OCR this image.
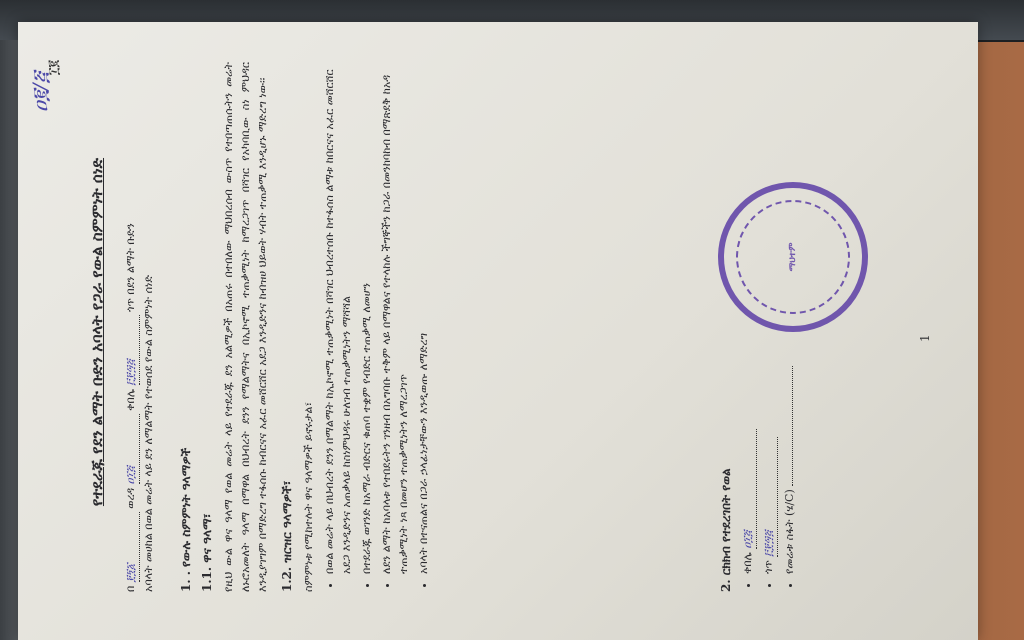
ዐ፪/፭
፲፪
የተደራጁ የደን ልማት ቡድን አባላት የጋራ የውል ስምምነት ሰነድ
በ ፻፺፩ ወረዳ ዐ፲፭ ቀበሌ ፫፻፵፭ ጎጥ በደን ልማት ቡድን
አባላት መሀከል በወል መሬት ላይ ደን ለማልማት የተወሰደ የውል ስምምነት ሰነድ 1. . የውሉ ስምምነት ዓላማዎች 1.1. ዋና ዓላማ፣ የዚህ ውል ዋና ዓላማ የወል መሬት ላይ የተደራጁ ደን አልሚዎች በአጠሩ በተበለው ማህበረሰብ ውስጥ የተበጣጠሱትን መሬት ለኑሮአመለት ዓላማ በማዋል በህብረት ደንን የማልማትና በኢኮኖሚ ተጠቃሚነት ከማረጋገጥ በሻገር የአካባቢው ስነ ምህዳር እንዲያገግም በማድረግ ተፋሰሱ ከብርናና አፈር መሸርሸር አደጋ እንዲድንና ከብዝሀ ህይወት ሃብት ተጠቃሚ እንዲሆኑ ማድረግ ነው፡፡ 1.2. ዝርዝር ዓላማዎች፣ ስምምነቱ የሚከተሉት ዋና ዓላማዎች ይኖሩታል፣ • በወል መሬት ላይ በህብረት ደንን በማልማት ከኢኮኖሚ ተጠቃሚነት በሻገር ህብረተሰቡ ከተፋሰስ ልማቱ ከበርናና አፈር መሸርሸር አደጋ እንዲድንና አጠቃላይ ከስነምህዳሩ ሁለገብ ተጠቃሚነትን ማሻሻል • በተደራጁ ወገንድ ከአማራ ብድርና ቁጠባ ተቋም የብድር ተጠቃሚ ለመሆን • ለደን ልማት ከአባላቱ የተበደሩትን ገንዘብ በአግባቡ ተቅም ላይ በማዋልና የተላከሉ ችግኞችን ከጋራ በመንከባከብ በማጽደቅ ከአዳ ተጠቃሚነት ነጻ በመሆን ተጠቃሚነትን ለማረጋገጥ • አባላት በተናጠልና በጋራ ኃላፊነታቸውን እንዲወጡ ለማድረግ	2. ርክክብ የተደረገበት የወል • ቀበሌ ዐ፲፭
• ጎጥ ፫፻፵፭ • የመሬቱ ስፋት (ሄ/C)
ማህተም
1
